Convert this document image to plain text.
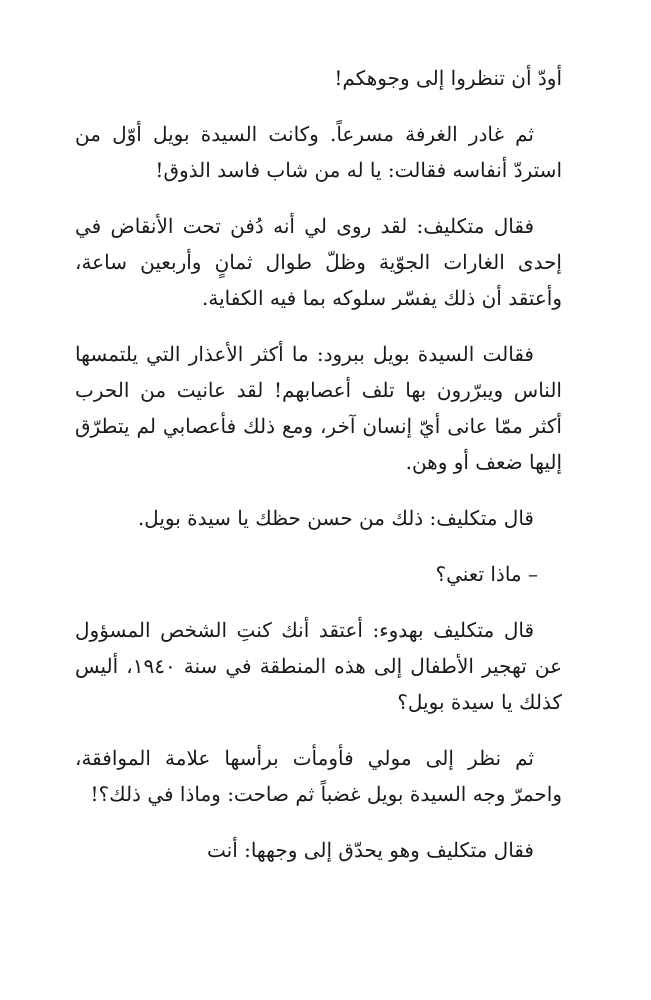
أودّ أن تنظروا إلى وجوهكم!

ثم غادر الغرفة مسرعاً. وكانت السيدة بويل أوّل من استردّ أنفاسه فقالت: يا له من شاب فاسد الذوق!

فقال متكليف: لقد روى لي أنه دُفن تحت الأنقاض في إحدى الغارات الجوّية وظلّ طوال ثمانٍ وأربعين ساعة، وأعتقد أن ذلك يفسّر سلوكه بما فيه الكفاية.

فقالت السيدة بويل ببرود: ما أكثر الأعذار التي يلتمسها الناس ويبرّرون بها تلف أعصابهم! لقد عانيت من الحرب أكثر ممّا عانى أيّ إنسان آخر، ومع ذلك فأعصابي لم يتطرّق إليها ضعف أو وهن.

قال متكليف: ذلك من حسن حظك يا سيدة بويل.

– ماذا تعني؟

قال متكليف بهدوء: أعتقد أنك كنتِ الشخص المسؤول عن تهجير الأطفال إلى هذه المنطقة في سنة ١٩٤٠، أليس كذلك يا سيدة بويل؟

ثم نظر إلى مولي فأومأت برأسها علامة الموافقة، واحمرّ وجه السيدة بويل غضباً ثم صاحت: وماذا في ذلك؟!

فقال متكليف وهو يحدّق إلى وجهها: أنت
